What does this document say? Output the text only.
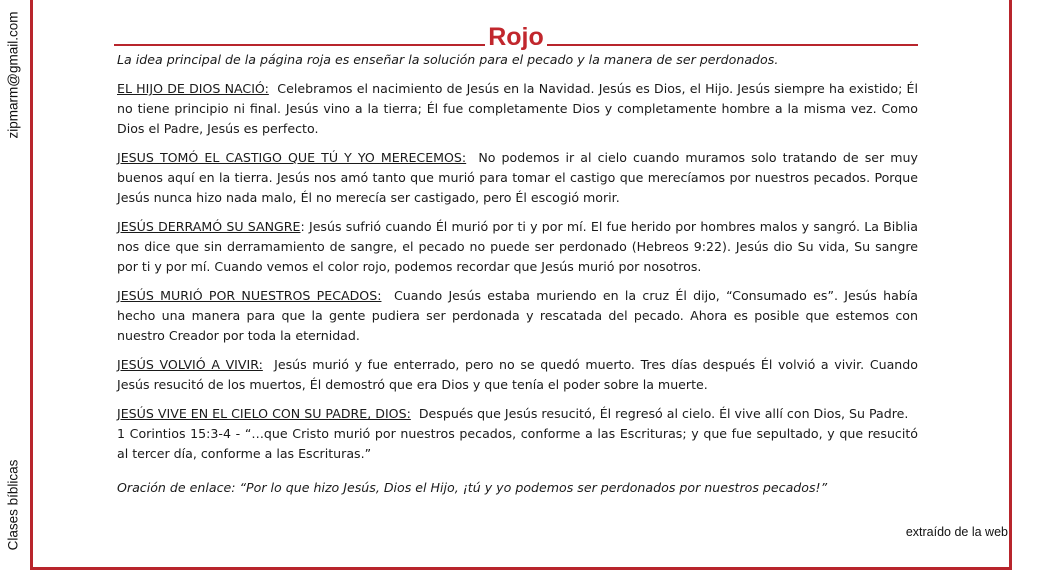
zipmarm@gmail.com
Clases bíblicas
Rojo

La idea principal de la página roja es enseñar la solución para el pecado y la manera de ser perdonados.

EL HIJO DE DIOS NACIÓ: Celebramos el nacimiento de Jesús en la Navidad. Jesús es Dios, el Hijo. Jesús siempre ha existido; Él no tiene principio ni final. Jesús vino a la tierra; Él fue completamente Dios y completamente hombre a la misma vez. Como Dios el Padre, Jesús es perfecto.

JESUS TOMÓ EL CASTIGO QUE TÚ Y YO MERECEMOS: No podemos ir al cielo cuando muramos solo tratando de ser muy buenos aquí en la tierra. Jesús nos amó tanto que murió para tomar el castigo que merecíamos por nuestros pecados. Porque Jesús nunca hizo nada malo, Él no merecía ser castigado, pero Él escogió morir.

JESÚS DERRAMÓ SU SANGRE: Jesús sufrió cuando Él murió por ti y por mí. El fue herido por hombres malos y sangró. La Biblia nos dice que sin derramamiento de sangre, el pecado no puede ser perdonado (Hebreos 9:22). Jesús dio Su vida, Su sangre por ti y por mí. Cuando vemos el color rojo, podemos recordar que Jesús murió por nosotros.

JESÚS MURIÓ POR NUESTROS PECADOS: Cuando Jesús estaba muriendo en la cruz Él dijo, “Consumado es”. Jesús había hecho una manera para que la gente pudiera ser perdonada y rescatada del pecado. Ahora es posible que estemos con nuestro Creador por toda la eternidad.

JESÚS VOLVIÓ A VIVIR: Jesús murió y fue enterrado, pero no se quedó muerto. Tres días después Él volvió a vivir. Cuando Jesús resucitó de los muertos, Él demostró que era Dios y que tenía el poder sobre la muerte.

JESÚS VIVE EN EL CIELO CON SU PADRE, DIOS: Después que Jesús resucitó, Él regresó al cielo. Él vive allí con Dios, Su Padre.

1 Corintios 15:3-4 - “…que Cristo murió por nuestros pecados, conforme a las Escrituras; y que fue sepultado, y que resucitó al tercer día, conforme a las Escrituras.”

Oración de enlace: “Por lo que hizo Jesús, Dios el Hijo, ¡tú y yo podemos ser perdonados por nuestros pecados!”

extraído de la web
